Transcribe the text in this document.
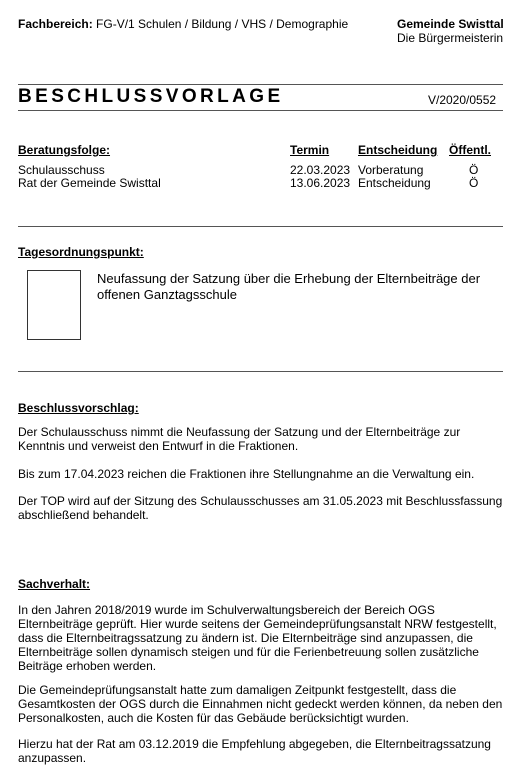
Fachbereich: FG-V/1 Schulen / Bildung / VHS / Demographie	Gemeinde Swisttal
Die Bürgermeisterin
BESCHLUSSVORLAGE	V/2020/0552
Beratungsfolge:	Termin Entscheidung Öffentl.
Schulausschuss	22.03.2023 Vorberatung	Ö
Rat der Gemeinde Swisttal	13.06.2023 Entscheidung	Ö
Tagesordnungspunkt:
Neufassung der Satzung über die Erhebung der Elternbeiträge der offenen Ganztagsschule
Beschlussvorschlag:
Der Schulausschuss nimmt die Neufassung der Satzung und der Elternbeiträge zur Kenntnis und verweist den Entwurf in die Fraktionen.
Bis zum 17.04.2023 reichen die Fraktionen ihre Stellungnahme an die Verwaltung ein.
Der TOP wird auf der Sitzung des Schulausschusses am 31.05.2023 mit Beschlussfassung abschließend behandelt.
Sachverhalt:
In den Jahren 2018/2019 wurde im Schulverwaltungsbereich der Bereich OGS Elternbeiträge geprüft. Hier wurde seitens der Gemeindeprüfungsanstalt NRW festgestellt, dass die Elternbeitragssatzung zu ändern ist. Die Elternbeiträge sind anzupassen, die Elternbeiträge sollen dynamisch steigen und für die Ferienbetreuung sollen zusätzliche Beiträge erhoben werden.
Die Gemeindeprüfungsanstalt hatte zum damaligen Zeitpunkt festgestellt, dass die Gesamtkosten der OGS durch die Einnahmen nicht gedeckt werden können, da neben den Personalkosten, auch die Kosten für das Gebäude berücksichtigt wurden.
Hierzu hat der Rat am 03.12.2019 die Empfehlung abgegeben, die Elternbeitragssatzung anzupassen.
